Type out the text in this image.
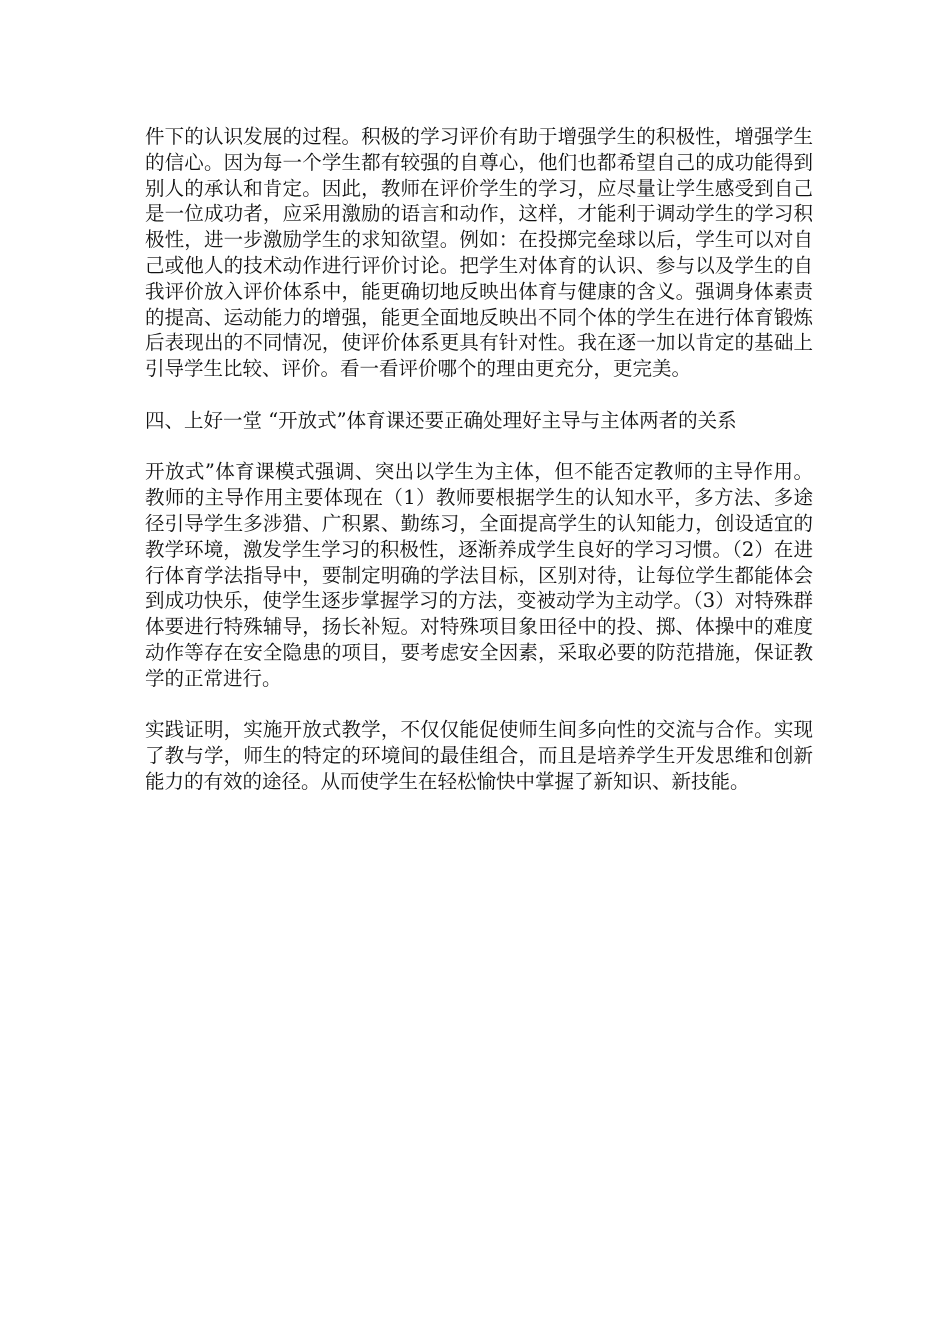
件下的认识发展的过程。积极的学习评价有助于增强学生的积极性，增强学生的信心。因为每一个学生都有较强的自尊心，他们也都希望自己的成功能得到别人的承认和肯定。因此，教师在评价学生的学习，应尽量让学生感受到自己是一位成功者，应采用激励的语言和动作，这样，才能利于调动学生的学习积极性，进一步激励学生的求知欲望。例如：在投掷完垒球以后，学生可以对自己或他人的技术动作进行评价讨论。把学生对体育的认识、参与以及学生的自我评价放入评价体系中，能更确切地反映出体育与健康的含义。强调身体素责的提高、运动能力的增强，能更全面地反映出不同个体的学生在进行体育锻炼后表现出的不同情况，使评价体系更具有针对性。我在逐一加以肯定的基础上引导学生比较、评价。看一看评价哪个的理由更充分，更完美。

四、上好一堂 “开放式”体育课还要正确处理好主导与主体两者的关系

开放式”体育课模式强调、突出以学生为主体，但不能否定教师的主导作用。教师的主导作用主要体现在（1）教师要根据学生的认知水平，多方法、多途径引导学生多涉猎、广积累、勤练习，全面提高学生的认知能力，创设适宜的教学环境，激发学生学习的积极性，逐渐养成学生良好的学习习惯。（2）在进行体育学法指导中，要制定明确的学法目标，区别对待，让每位学生都能体会到成功快乐，使学生逐步掌握学习的方法，变被动学为主动学。（3）对特殊群体要进行特殊辅导，扬长补短。对特殊项目象田径中的投、掷、体操中的难度动作等存在安全隐患的项目，要考虑安全因素，采取必要的防范措施，保证教学的正常进行。

实践证明，实施开放式教学，不仅仅能促使师生间多向性的交流与合作。实现了教与学，师生的特定的环境间的最佳组合，而且是培养学生开发思维和创新能力的有效的途径。从而使学生在轻松愉快中掌握了新知识、新技能。
